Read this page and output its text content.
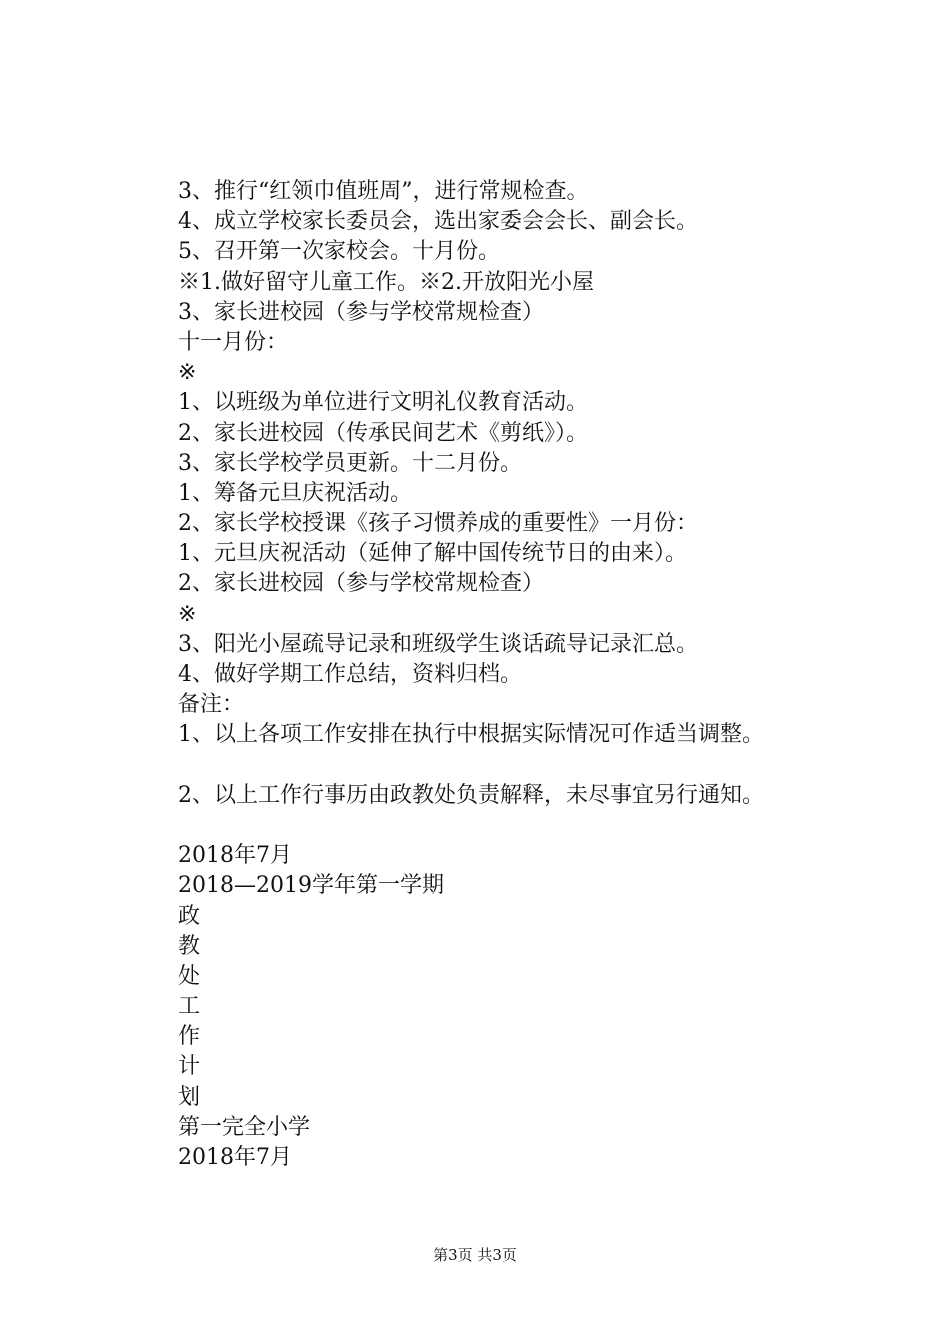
3、推行“红领巾值班周”，进行常规检查。
4、成立学校家长委员会，选出家委会会长、副会长。
5、召开第一次家校会。十月份。
※1.做好留守儿童工作。※2.开放阳光小屋
3、家长进校园（参与学校常规检查）
十一月份：
※
1、以班级为单位进行文明礼仪教育活动。
2、家长进校园（传承民间艺术《剪纸》）。
3、家长学校学员更新。十二月份。
1、筹备元旦庆祝活动。
2、家长学校授课《孩子习惯养成的重要性》一月份：
1、元旦庆祝活动（延伸了解中国传统节日的由来）。
2、家长进校园（参与学校常规检查）
※
3、阳光小屋疏导记录和班级学生谈话疏导记录汇总。
4、做好学期工作总结，资料归档。
备注：
1、以上各项工作安排在执行中根据实际情况可作适当调整。
2、以上工作行事历由政教处负责解释，未尽事宜另行通知。
2018年7月
2018—2019学年第一学期
政
教
处
工
作
计
划
第一完全小学
2018年7月
第3页 共3页
